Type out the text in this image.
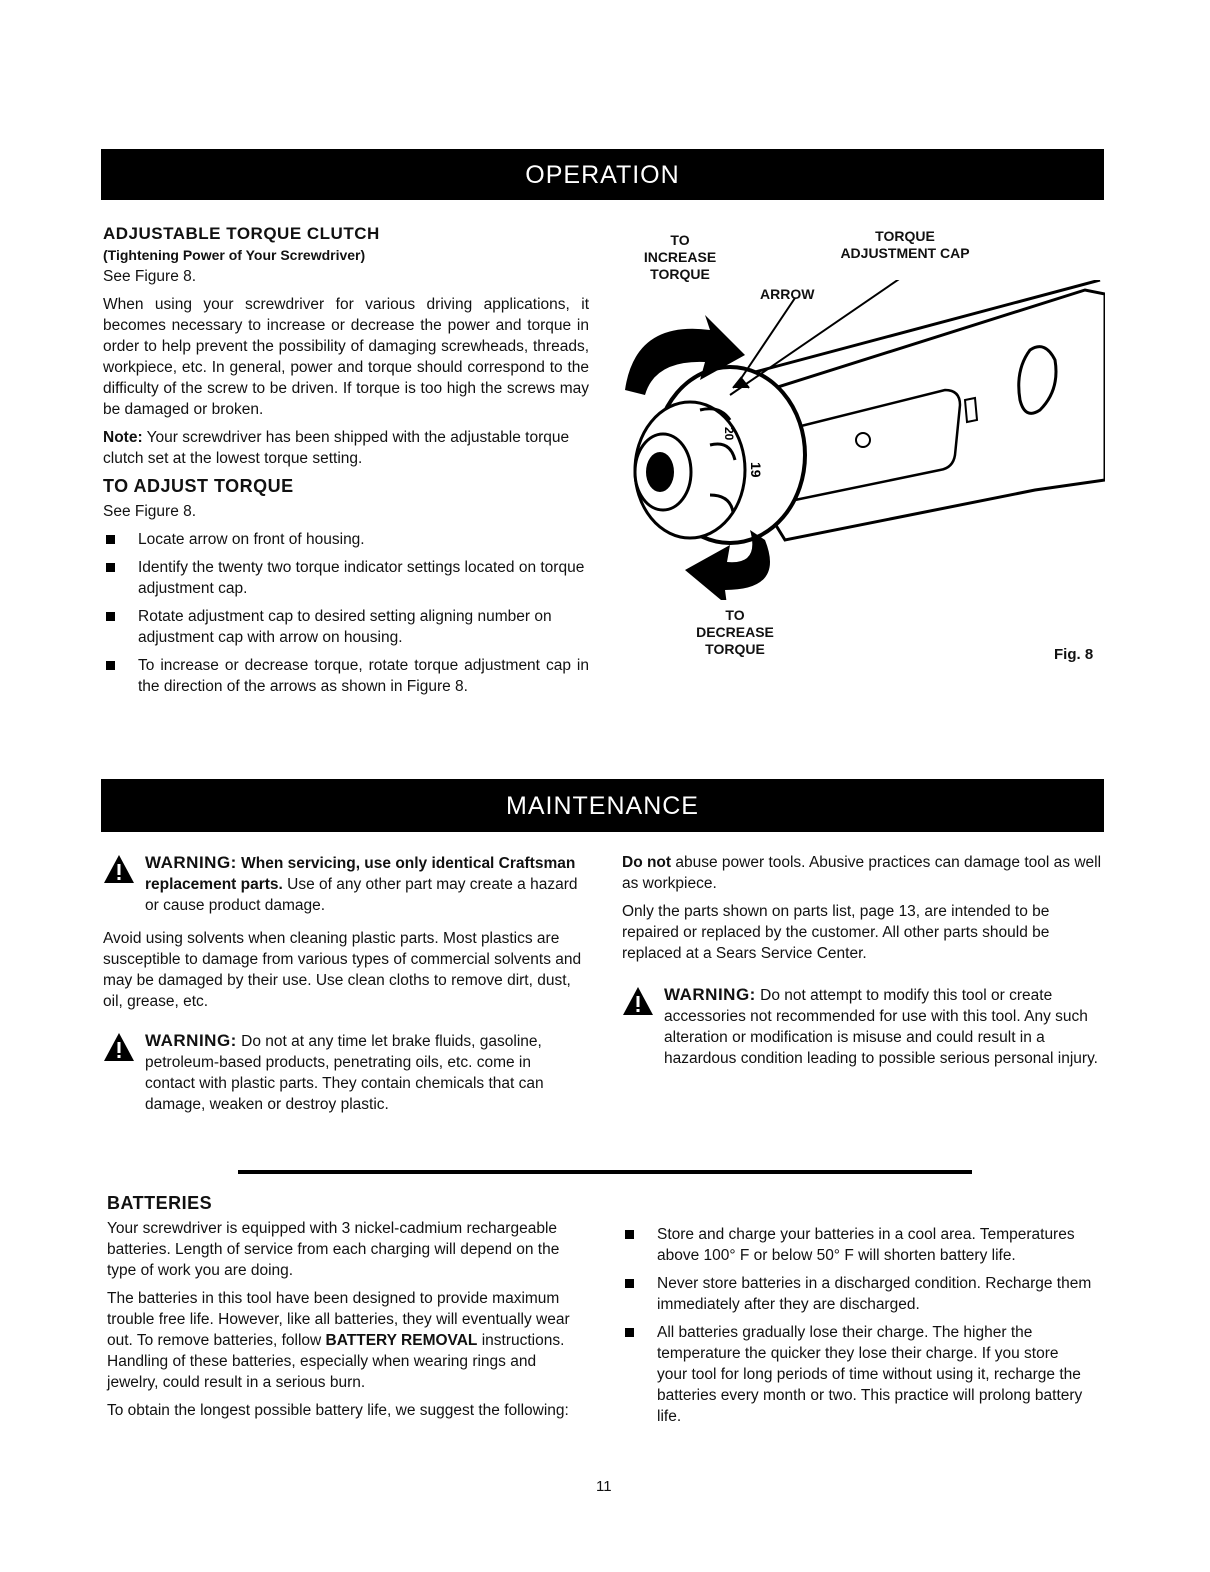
OPERATION
ADJUSTABLE TORQUE CLUTCH
(Tightening Power of Your Screwdriver)

See Figure 8.

When using your screwdriver for various driving applications, it becomes necessary to increase or decrease the power and torque in order to help prevent the possibility of damaging screwheads, threads, workpiece, etc. In general, power and torque should correspond to the difficulty of the screw to be driven. If torque is too high the screws may be damaged or broken.

Note: Your screwdriver has been shipped with the adjustable torque clutch set at the lowest torque setting.

TO ADJUST TORQUE

See Figure 8.

Locate arrow on front of housing.
Identify the twenty two torque indicator settings located on torque adjustment cap.
Rotate adjustment cap to desired setting aligning number on adjustment cap with arrow on housing.
To increase or decrease torque, rotate torque adjustment cap in the direction of the arrows as shown in Figure 8.
19
20
TO
INCREASE
TORQUE
TORQUE
ADJUSTMENT CAP
ARROW
TO
DECREASE
TORQUE	Fig. 8
MAINTENANCE
WARNING: When servicing, use only identical Craftsman replacement parts. Use of any other part may create a hazard or cause product damage.

Avoid using solvents when cleaning plastic parts. Most plastics are susceptible to damage from various types of commercial solvents and may be damaged by their use. Use clean cloths to remove dirt, dust, oil, grease, etc.

WARNING: Do not at any time let brake fluids, gasoline, petroleum-based products, penetrating oils, etc. come in contact with plastic parts. They contain chemicals that can damage, weaken or destroy plastic.

Do not abuse power tools. Abusive practices can damage tool as well as workpiece.

Only the parts shown on parts list, page 13, are intended to be repaired or replaced by the customer. All other parts should be replaced at a Sears Service Center.

WARNING: Do not attempt to modify this tool or create accessories not recommended for use with this tool. Any such alteration or modification is misuse and could result in a hazardous condition leading to possible serious personal injury.
BATTERIES

Your screwdriver is equipped with 3 nickel-cadmium rechargeable batteries. Length of service from each charging will depend on the type of work you are doing.

The batteries in this tool have been designed to provide maximum trouble free life. However, like all batteries, they will eventually wear out. To remove batteries, follow BATTERY REMOVAL instructions. Handling of these batteries, especially when wearing rings and jewelry, could result in a serious burn.

To obtain the longest possible battery life, we suggest the following:

Store and charge your batteries in a cool area. Temperatures above 100° F or below 50° F will shorten battery life.
Never store batteries in a discharged condition. Recharge them immediately after they are discharged.
All batteries gradually lose their charge. The higher the temperature the quicker they lose their charge. If you store your tool for long periods of time without using it, recharge the batteries every month or two. This practice will prolong battery life.
11
